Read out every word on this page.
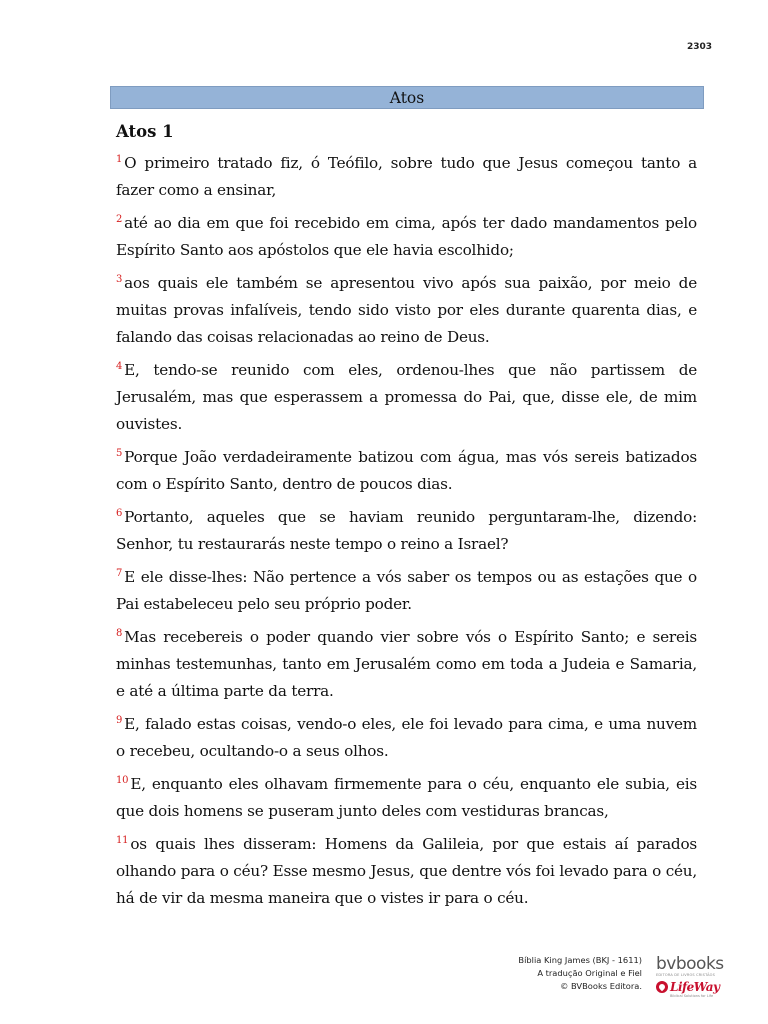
2303
Atos
Atos 1

$^1$ O primeiro tratado fiz, ó Teófilo, sobre tudo que Jesus começou tanto a fazer como a ensinar,

$^2$ até ao dia em que foi recebido em cima, após ter dado mandamentos pelo Espírito Santo aos apóstolos que ele havia escolhido;

$^3$ aos quais ele também se apresentou vivo após sua paixão, por meio de muitas provas infalíveis, tendo sido visto por eles durante quarenta dias, e falando das coisas relacionadas ao reino de Deus.

$^4$ E, tendo-se reunido com eles, ordenou-lhes que não partissem de Jerusalém, mas que esperassem a promessa do Pai, que, disse ele, de mim ouvistes.

$^5$ Porque João verdadeiramente batizou com água, mas vós sereis batizados com o Espírito Santo, dentro de poucos dias.

$^6$ Portanto, aqueles que se haviam reunido perguntaram-lhe, dizendo: Senhor, tu restaurarás neste tempo o reino a Israel?

$^7$ E ele disse-lhes: Não pertence a vós saber os tempos ou as estações que o Pai estabeleceu pelo seu próprio poder.

$^8$ Mas recebereis o poder quando vier sobre vós o Espírito Santo; e sereis minhas testemunhas, tanto em Jerusalém como em toda a Judeia e Samaria, e até a última parte da terra.

$^9$ E, falado estas coisas, vendo-o eles, ele foi levado para cima, e uma nuvem o recebeu, ocultando-o a seus olhos.

$^{10}$ E, enquanto eles olhavam firmemente para o céu, enquanto ele subia, eis que dois homens se puseram junto deles com vestiduras brancas,

$^{11}$ os quais lhes disseram: Homens da Galileia, por que estais aí parados olhando para o céu? Esse mesmo Jesus, que dentre vós foi levado para o céu, há de vir da mesma maneira que o vistes ir para o céu.

Bíblia King James (BKJ - 1611)
A tradução Original e Fiel
© BVBooks Editora.
bvbooks
EDITORA DE LIVROS CRISTÃOS
LifeWay
Biblical Solutions for Life
